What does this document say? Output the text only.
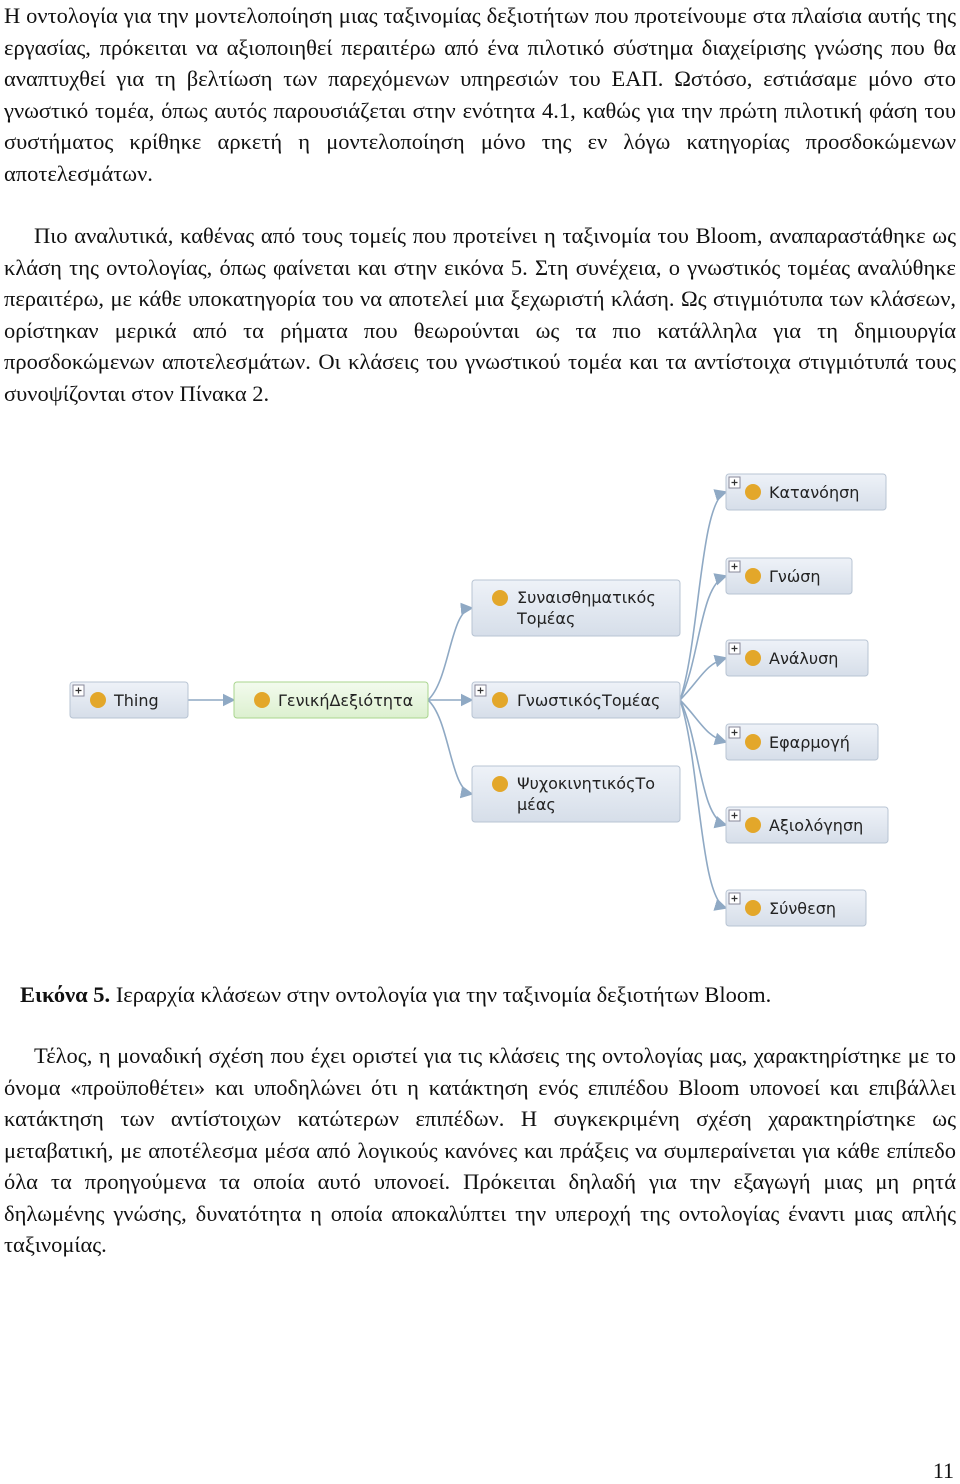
Η οντολογία για την μοντελοποίηση μιας ταξινομίας δεξιοτήτων που προτείνουμε στα πλαίσια αυτής της εργασίας, πρόκειται να αξιοποιηθεί περαιτέρω από ένα πιλοτικό σύστημα διαχείρισης γνώσης που θα αναπτυχθεί για τη βελτίωση των παρεχόμενων υπηρεσιών του ΕΑΠ. Ωστόσο, εστιάσαμε μόνο στο γνωστικό τομέα, όπως αυτός παρουσιάζεται στην ενότητα 4.1, καθώς για την πρώτη πιλοτική φάση του συστήματος κρίθηκε αρκετή η μοντελοποίηση μόνο της εν λόγω κατηγορίας προσδοκώμενων αποτελεσμάτων.
Πιο αναλυτικά, καθένας από τους τομείς που προτείνει η ταξινομία του Bloom, αναπαραστάθηκε ως κλάση της οντολογίας, όπως φαίνεται και στην εικόνα 5. Στη συνέχεια, ο γνωστικός τομέας αναλύθηκε περαιτέρω, με κάθε υποκατηγορία του να αποτελεί μια ξεχωριστή κλάση. Ως στιγμιότυπα των κλάσεων, ορίστηκαν μερικά από τα ρήματα που θεωρούνται ως τα πιο κατάλληλα για τη δημιουργία προσδοκώμενων αποτελεσμάτων. Οι κλάσεις του γνωστικού τομέα και τα αντίστοιχα στιγμιότυπά τους συνοψίζονται στον Πίνακα 2.
Thing	ΓενικήΔεξιότητα
Συναισθηματικός
Τομέας
ΓνωστικόςΤομέας
ΨυχοκινητικόςΤο
μέας
Κατανόηση
Γνώση
Ανάλυση
Εφαρμογή
Αξιολόγηση
Σύνθεση
Εικόνα 5. Ιεραρχία κλάσεων στην οντολογία για την ταξινομία δεξιοτήτων Bloom.
Τέλος, η μοναδική σχέση που έχει οριστεί για τις κλάσεις της οντολογίας μας, χαρακτηρίστηκε με το όνομα «προϋποθέτει» και υποδηλώνει ότι η κατάκτηση ενός επιπέδου Bloom υπονοεί και επιβάλλει κατάκτηση των αντίστοιχων κατώτερων επιπέδων. Η συγκεκριμένη σχέση χαρακτηρίστηκε ως μεταβατική, με αποτέλεσμα μέσα από λογικούς κανόνες και πράξεις να συμπεραίνεται για κάθε επίπεδο όλα τα προηγούμενα τα οποία αυτό υπονοεί. Πρόκειται δηλαδή για την εξαγωγή μιας μη ρητά δηλωμένης γνώσης, δυνατότητα η οποία αποκαλύπτει την υπεροχή της οντολογίας έναντι μιας απλής ταξινομίας.
11
